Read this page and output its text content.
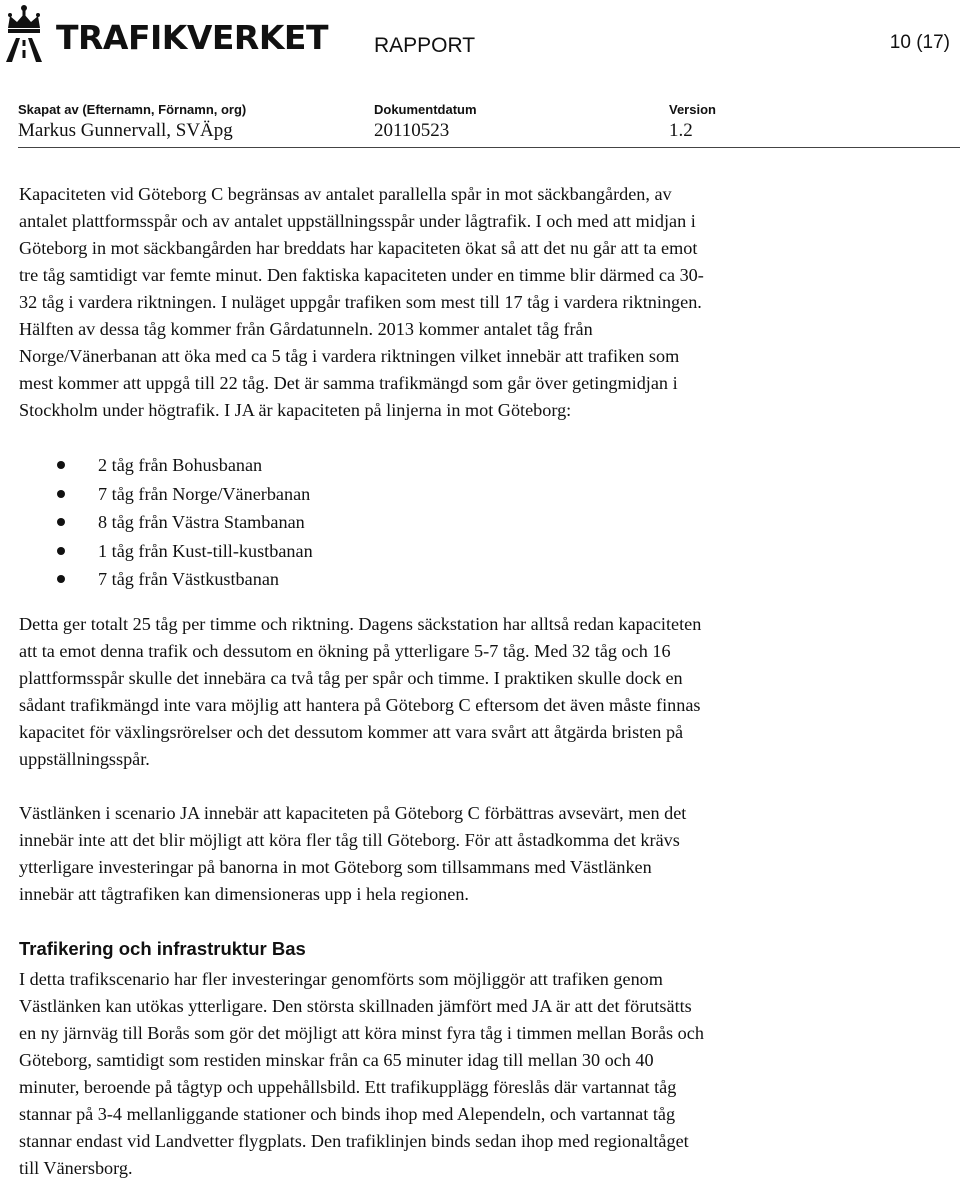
TRAFIKVERKET RAPPORT	10 (17)
Skapat av (Efternamn, Förnamn, org)	Dokumentdatum	Version
Markus Gunnervall, SVÄpg	20110523	1.2

Kapaciteten vid Göteborg C begränsas av antalet parallella spår in mot säckbangården, av
antalet plattformsspår och av antalet uppställningsspår under lågtrafik. I och med att midjan i
Göteborg in mot säckbangården har breddats har kapaciteten ökat så att det nu går att ta emot
tre tåg samtidigt var femte minut. Den faktiska kapaciteten under en timme blir därmed ca 30-
32 tåg i vardera riktningen. I nuläget uppgår trafiken som mest till 17 tåg i vardera riktningen.
Hälften av dessa tåg kommer från Gårdatunneln. 2013 kommer antalet tåg från
Norge/Vänerbanan att öka med ca 5 tåg i vardera riktningen vilket innebär att trafiken som
mest kommer att uppgå till 22 tåg. Det är samma trafikmängd som går över getingmidjan i
Stockholm under högtrafik. I JA är kapaciteten på linjerna in mot Göteborg:

2 tåg från Bohusbanan
7 tåg från Norge/Vänerbanan
8 tåg från Västra Stambanan
1 tåg från Kust-till-kustbanan
7 tåg från Västkustbanan

Detta ger totalt 25 tåg per timme och riktning. Dagens säckstation har alltså redan kapaciteten
att ta emot denna trafik och dessutom en ökning på ytterligare 5-7 tåg. Med 32 tåg och 16
plattformsspår skulle det innebära ca två tåg per spår och timme. I praktiken skulle dock en
sådant trafikmängd inte vara möjlig att hantera på Göteborg C eftersom det även måste finnas
kapacitet för växlingsrörelser och det dessutom kommer att vara svårt att åtgärda bristen på
uppställningsspår.

Västlänken i scenario JA innebär att kapaciteten på Göteborg C förbättras avsevärt, men det
innebär inte att det blir möjligt att köra fler tåg till Göteborg. För att åstadkomma det krävs
ytterligare investeringar på banorna in mot Göteborg som tillsammans med Västlänken
innebär att tågtrafiken kan dimensioneras upp i hela regionen.

Trafikering och infrastruktur Bas

I detta trafikscenario har fler investeringar genomförts som möjliggör att trafiken genom
Västlänken kan utökas ytterligare. Den största skillnaden jämfört med JA är att det förutsätts
en ny järnväg till Borås som gör det möjligt att köra minst fyra tåg i timmen mellan Borås och
Göteborg, samtidigt som restiden minskar från ca 65 minuter idag till mellan 30 och 40
minuter, beroende på tågtyp och uppehållsbild. Ett trafikupplägg föreslås där vartannat tåg
stannar på 3-4 mellanliggande stationer och binds ihop med Alependeln, och vartannat tåg
stannar endast vid Landvetter flygplats. Den trafiklinjen binds sedan ihop med regionaltåget
till Vänersborg.
